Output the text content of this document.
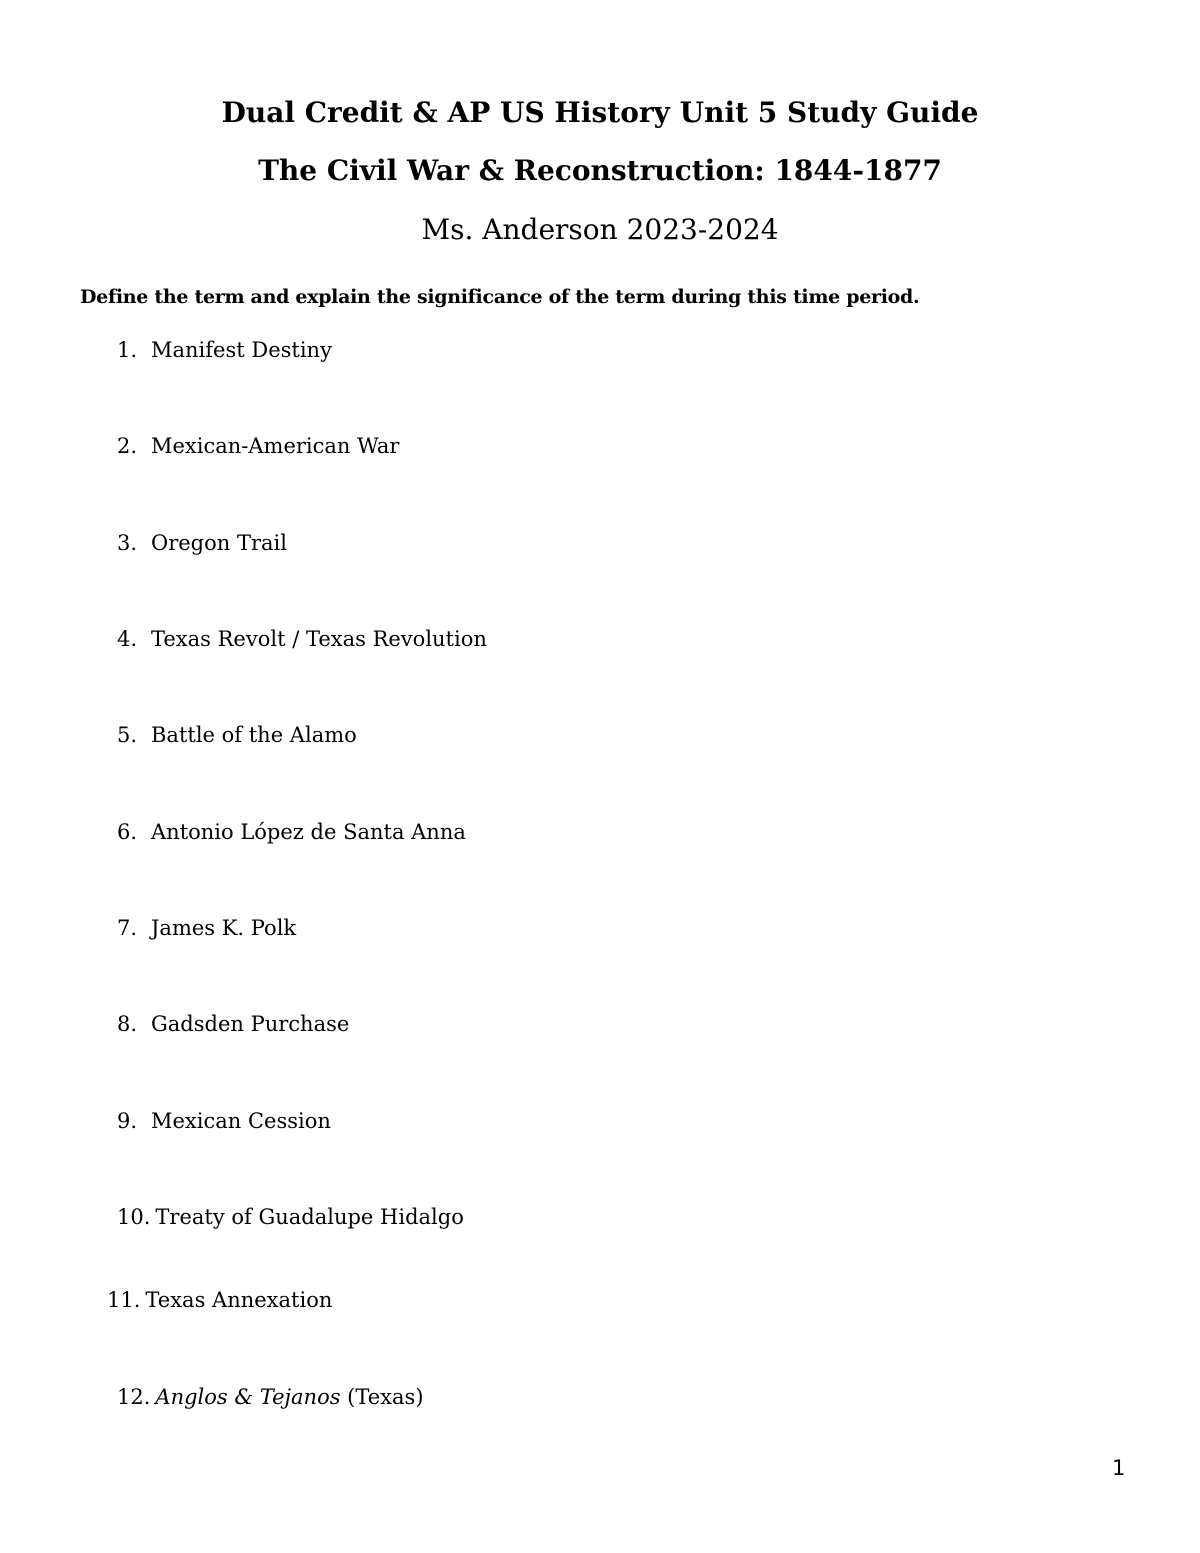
Dual Credit & AP US History Unit 5 Study Guide
The Civil War & Reconstruction: 1844-1877

Ms. Anderson 2023-2024

Define the term and explain the significance of the term during this time period.

1. Manifest Destiny

2. Mexican-American War

3. Oregon Trail

4. Texas Revolt / Texas Revolution

5. Battle of the Alamo

6. Antonio López de Santa Anna

7. James K. Polk

8. Gadsden Purchase

9. Mexican Cession

10. Treaty of Guadalupe Hidalgo

11. Texas Annexation

12. Anglos & Tejanos (Texas)

1
